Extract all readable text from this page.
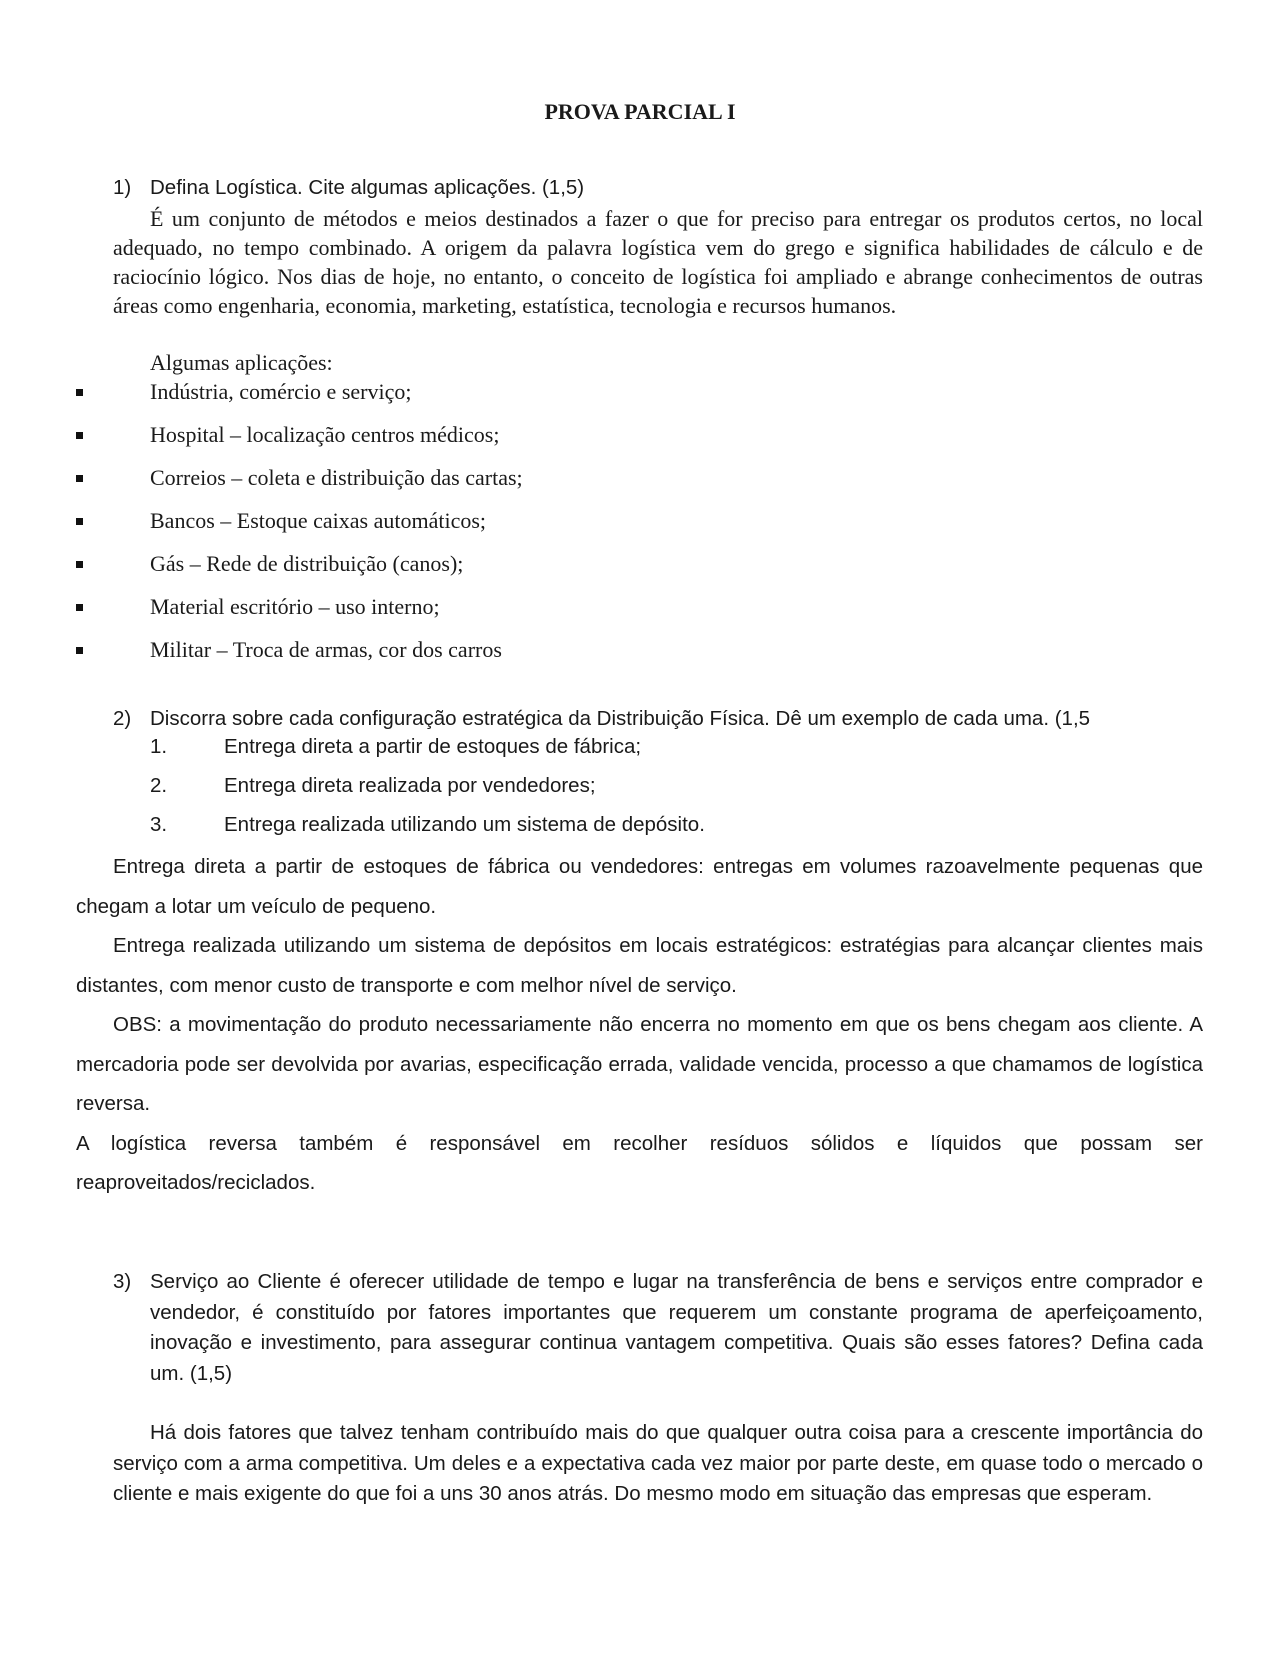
PROVA PARCIAL I
1) Defina Logística. Cite algumas aplicações. (1,5)

É um conjunto de métodos e meios destinados a fazer o que for preciso para entregar os produtos certos, no local adequado, no tempo combinado. A origem da palavra logística vem do grego e significa habilidades de cálculo e de raciocínio lógico. Nos dias de hoje, no entanto, o conceito de logística foi ampliado e abrange conhecimentos de outras áreas como engenharia, economia, marketing, estatística, tecnologia e recursos humanos.

Algumas aplicações:
Indústria, comércio e serviço;
Hospital – localização centros médicos;
Correios – coleta e distribuição das cartas;
Bancos – Estoque caixas automáticos;
Gás – Rede de distribuição (canos);
Material escritório – uso interno;
Militar – Troca de armas, cor dos carros
2) Discorra sobre cada configuração estratégica da Distribuição Física. Dê um exemplo de cada uma. (1,5
1.	Entrega direta a partir de estoques de fábrica;
2.	Entrega direta realizada por vendedores;
3.	Entrega realizada utilizando um sistema de depósito.

Entrega direta a partir de estoques de fábrica ou vendedores: entregas em volumes razoavelmente pequenas que chegam a lotar um veículo de pequeno.

Entrega realizada utilizando um sistema de depósitos em locais estratégicos: estratégias para alcançar clientes mais distantes, com menor custo de transporte e com melhor nível de serviço.

OBS: a movimentação do produto necessariamente não encerra no momento em que os bens chegam aos cliente. A mercadoria pode ser devolvida por avarias, especificação errada, validade vencida, processo a que chamamos de logística reversa.

A logística reversa também é responsável em recolher resíduos sólidos e líquidos que possam ser reaproveitados/reciclados.

3) Serviço ao Cliente é oferecer utilidade de tempo e lugar na transferência de bens e serviços entre comprador e vendedor, é constituído por fatores importantes que requerem um constante programa de aperfeiçoamento, inovação e investimento, para assegurar continua vantagem competitiva. Quais são esses fatores? Defina cada um. (1,5)

Há dois fatores que talvez tenham contribuído mais do que qualquer outra coisa para a crescente importância do serviço com a arma competitiva. Um deles e a expectativa cada vez maior por parte deste, em quase todo o mercado o cliente e mais exigente do que foi a uns 30 anos atrás. Do mesmo modo em situação das empresas que esperam.
